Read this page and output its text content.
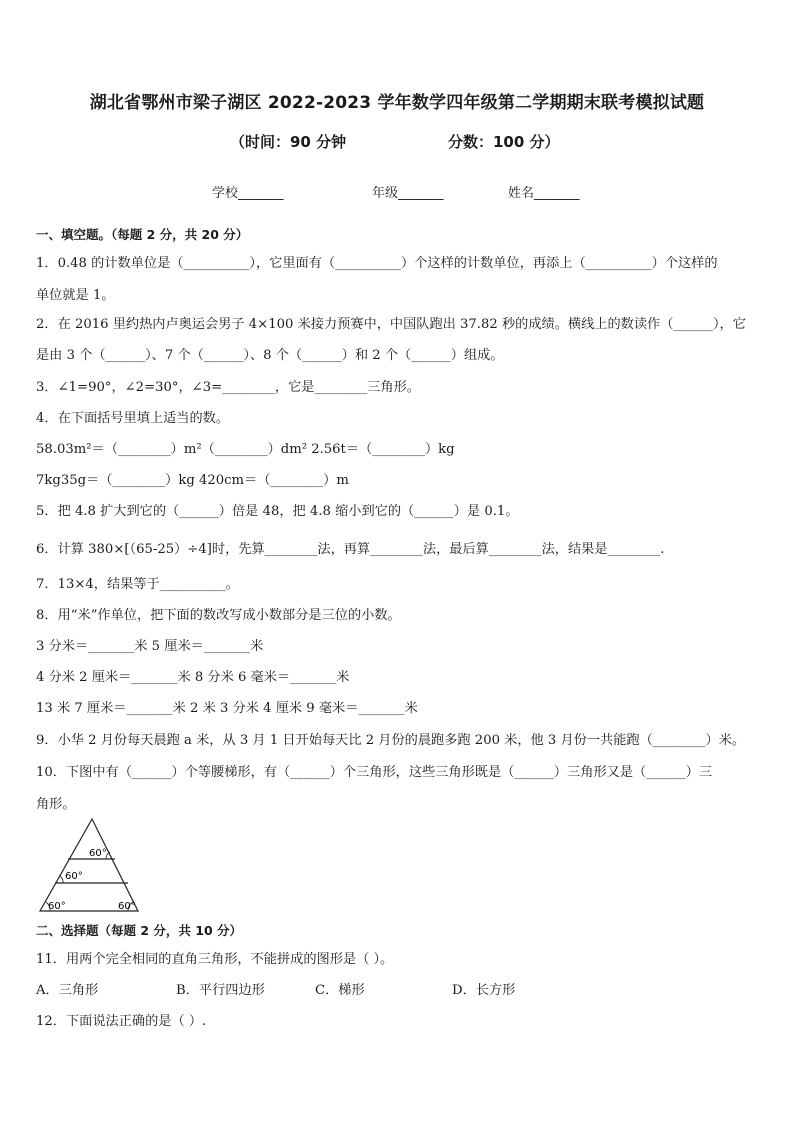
湖北省鄂州市梁子湖区 2022-2023 学年数学四年级第二学期期末联考模拟试题
（时间：90 分钟	分数：100 分）
学校_______	年级_______	姓名_______
一、填空题。（每题 2 分，共 20 分）
1．0.48 的计数单位是（__________），它里面有（__________）个这样的计数单位，再添上（__________）个这样的
单位就是 1。
2．在 2016 里约热内卢奥运会男子 4×100 米接力预赛中，中国队跑出 37.82 秒的成绩。横线上的数读作（______），它
是由 3 个（______）、7 个（______）、8 个（______）和 2 个（______）组成。
3．∠1=90°，∠2=30°，∠3=________，它是________三角形。
4．在下面括号里填上适当的数。
58.03m²＝（________）m²（________）dm² 2.56t＝（________）kg
7kg35g＝（________）kg 420cm＝（________）m
5．把 4.8 扩大到它的（______）倍是 48，把 4.8 缩小到它的（______）是 0.1。
6．计算 380×[（65-25）÷4]时，先算________法，再算________法，最后算________法，结果是________.
7．13×4，结果等于__________。
8．用“米”作单位，把下面的数改写成小数部分是三位的小数。
3 分米＝_______米 5 厘米＝_______米
4 分米 2 厘米＝_______米 8 分米 6 毫米＝_______米
13 米 7 厘米＝_______米 2 米 3 分米 4 厘米 9 毫米＝_______米
9．小华 2 月份每天晨跑 a 米，从 3 月 1 日开始每天比 2 月份的晨跑多跑 200 米，他 3 月份一共能跑（________）米。
10．下图中有（______）个等腰梯形，有（______）个三角形，这些三角形既是（______）三角形又是（______）三
角形。
60°
60°
60°	60°
二、选择题（每题 2 分，共 10 分）
11．用两个完全相同的直角三角形，不能拼成的图形是（ ）。
A．三角形	B．平行四边形	C．梯形	D．长方形
12．下面说法正确的是（ ）.
